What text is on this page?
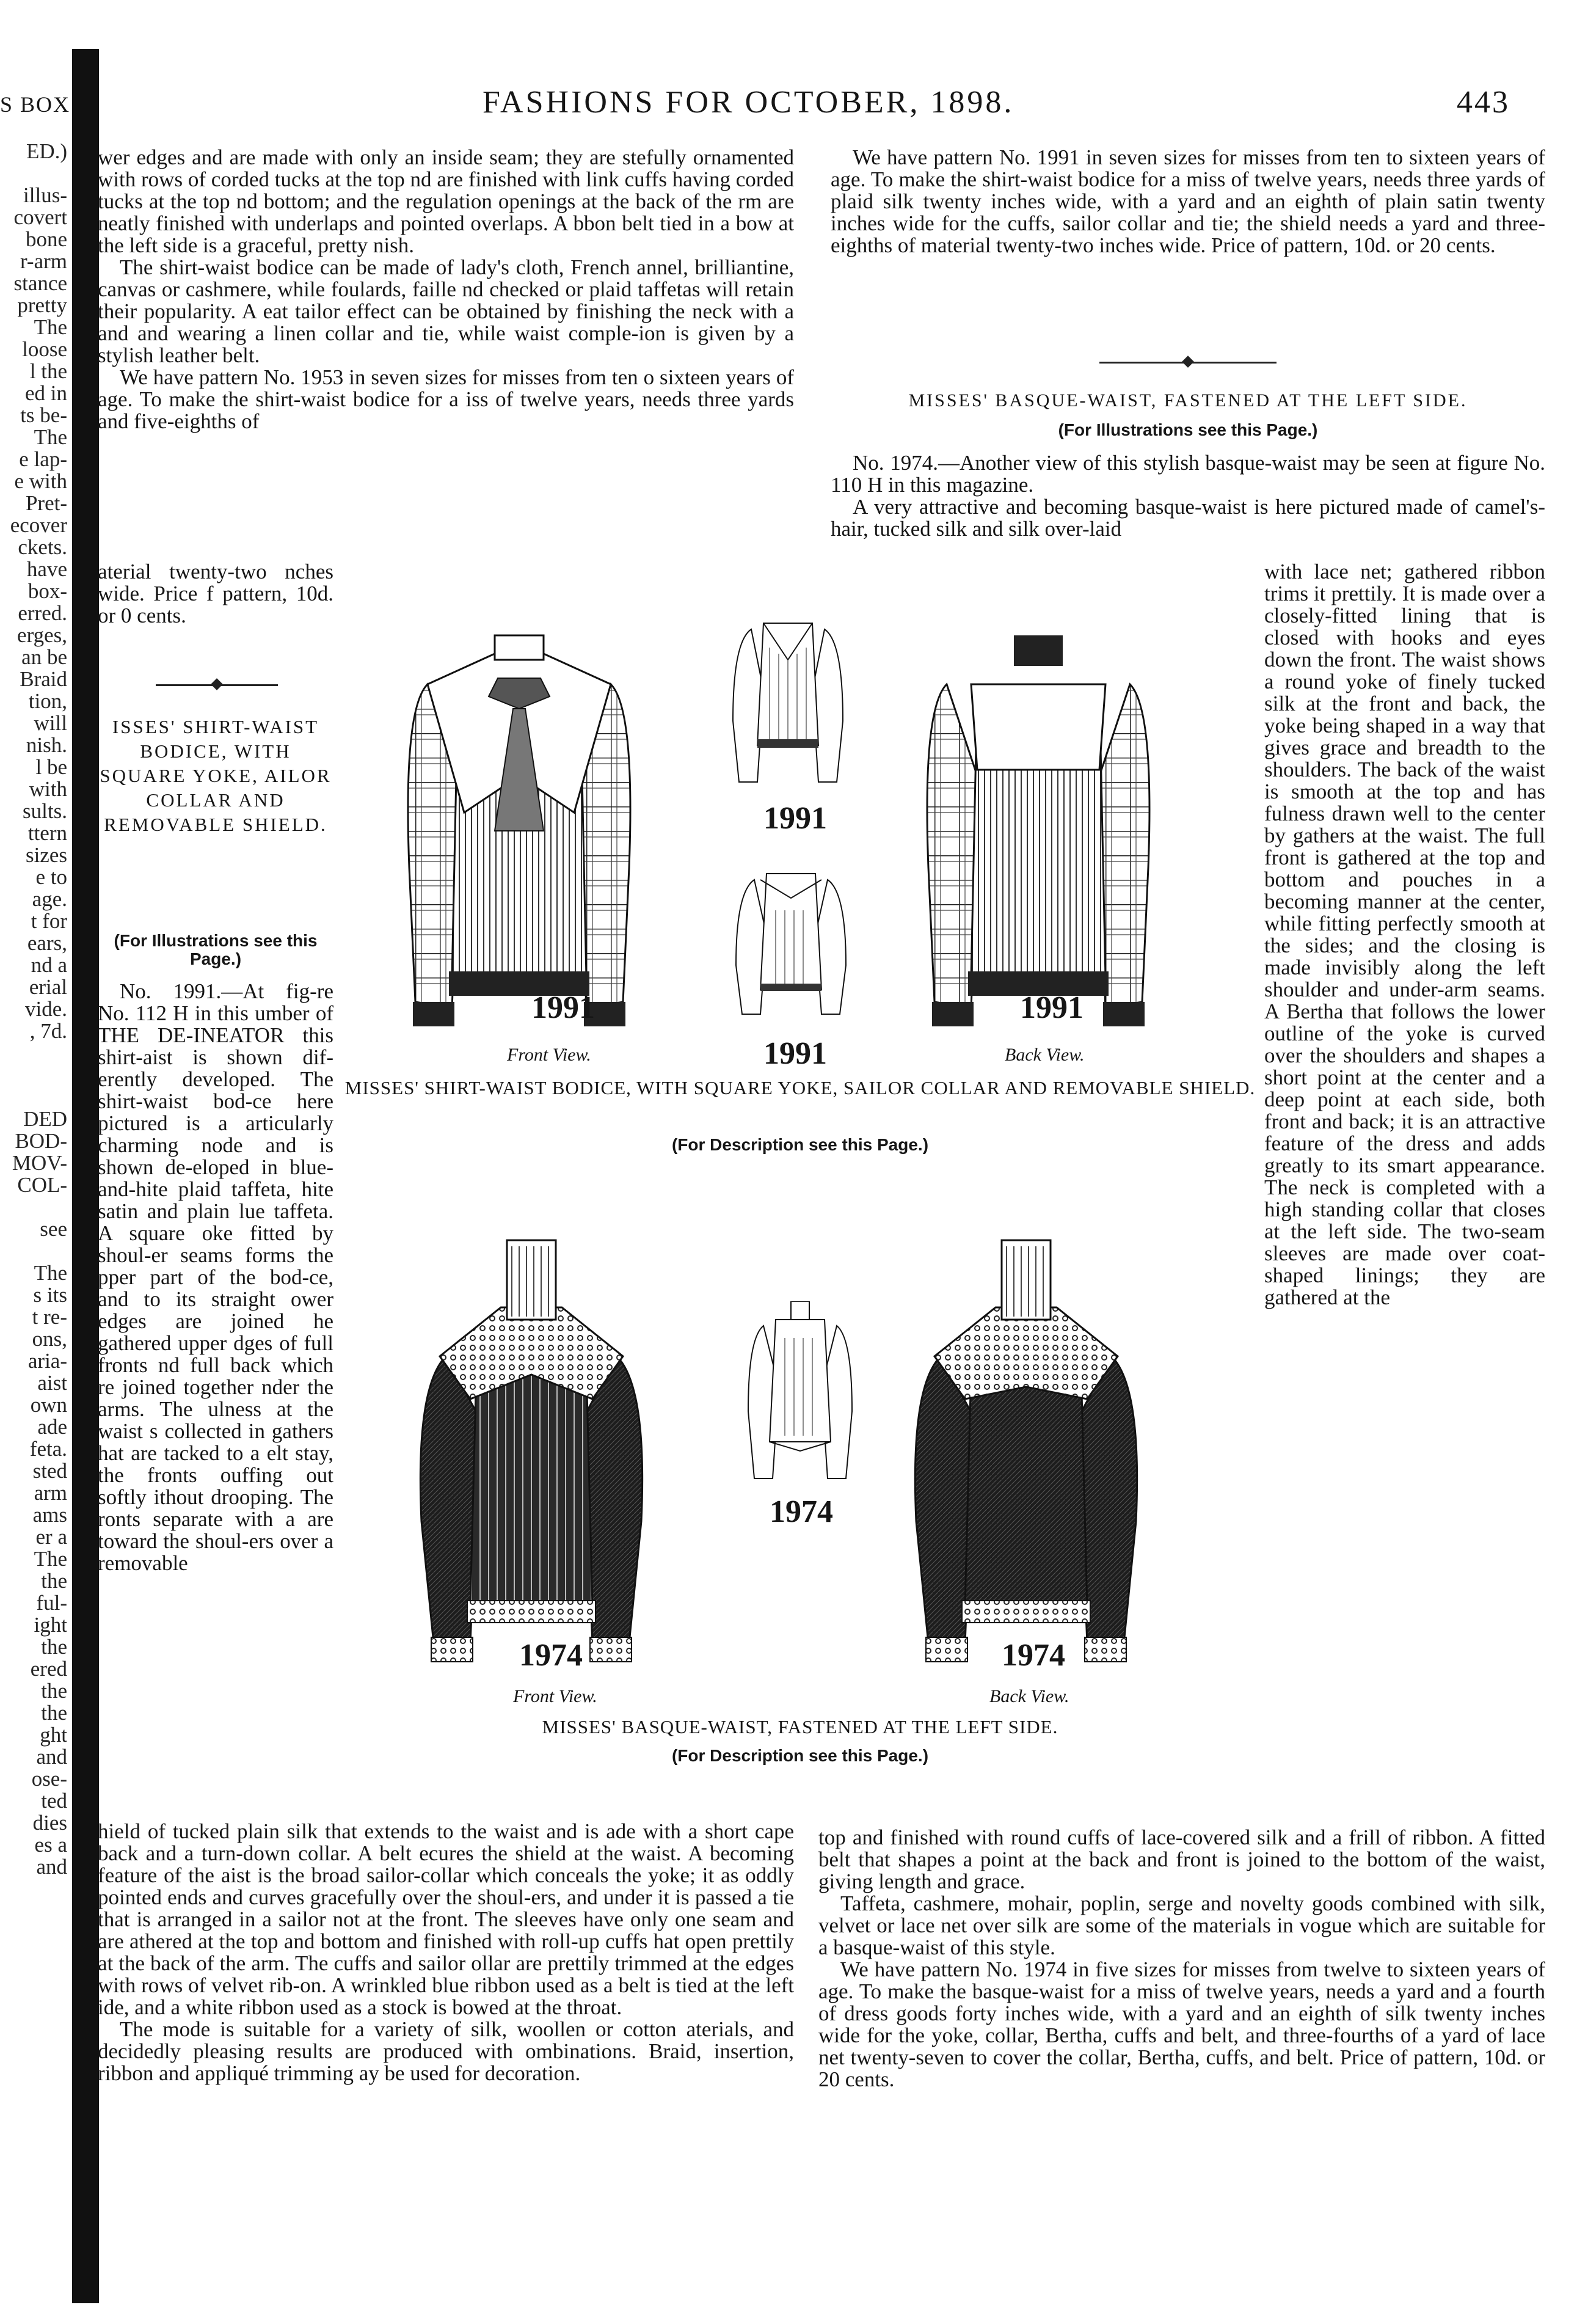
S BOX
ED.)

illus-
covert
bone
r-arm
stance
pretty
The
loose
l the
ed in
ts be-
The
e lap-
e with
Pret-
ecover
ckets.
have
box-
erred.
erges,
an be
Braid
tion,
will
nish.
l be
with
sults.
ttern
sizes
e to
age.
t for
ears,
nd a
erial
vide.
, 7d.

DED
BOD-
MOV-
COL-

see

The
s its
t re-
ons,
aria-
aist
own
ade
feta.
sted
arm
ams
er a
The
the
ful-
ight
the
ered
the
the
ght
and
ose-
ted
dies
es a
and
FASHIONS FOR OCTOBER, 1898.	443

wer edges and are made with only an inside seam; they are stefully ornamented with rows of corded tucks at the top nd are finished with link cuffs having corded tucks at the top nd bottom; and the regulation openings at the back of the rm are neatly finished with underlaps and pointed overlaps. A bbon belt tied in a bow at the left side is a graceful, pretty nish.

The shirt-waist bodice can be made of lady's cloth, French annel, brilliantine, canvas or cashmere, while foulards, faille nd checked or plaid taffetas will retain their popularity. A eat tailor effect can be obtained by finishing the neck with a and and wearing a linen collar and tie, while waist comple-ion is given by a stylish leather belt.

We have pattern No. 1953 in seven sizes for misses from ten o sixteen years of age. To make the shirt-waist bodice for a iss of twelve years, needs three yards and five-eighths of

aterial twenty-two nches wide. Price f pattern, 10d. or 0 cents.

ISSES' SHIRT-WAIST BODICE, WITH SQUARE YOKE, AILOR COLLAR AND REMOVABLE SHIELD.
(For Illustrations see this Page.)

No. 1991.—At fig-re No. 112 H in this umber of THE DE-INEATOR this shirt-aist is shown dif-erently developed. The shirt-waist bod-ce here pictured is a articularly charming node and is shown de-eloped in blue-and-hite plaid taffeta, hite satin and plain lue taffeta. A square oke fitted by shoul-er seams forms the pper part of the bod-ce, and to its straight ower edges are joined he gathered upper dges of full fronts nd full back which re joined together nder the arms. The ulness at the waist s collected in gathers hat are tacked to a elt stay, the fronts ouffing out softly ithout drooping. The ronts separate with a are toward the shoul-ers over a removable

hield of tucked plain silk that extends to the waist and is ade with a short cape back and a turn-down collar. A belt ecures the shield at the waist. A becoming feature of the aist is the broad sailor-collar which conceals the yoke; it as oddly pointed ends and curves gracefully over the shoul-ers, and under it is passed a tie that is arranged in a sailor not at the front. The sleeves have only one seam and are athered at the top and bottom and finished with roll-up cuffs hat open prettily at the back of the arm. The cuffs and sailor ollar are prettily trimmed at the edges with rows of velvet rib-on. A wrinkled blue ribbon used as a belt is tied at the left ide, and a white ribbon used as a stock is bowed at the throat.

The mode is suitable for a variety of silk, woollen or cotton aterials, and decidedly pleasing results are produced with ombinations. Braid, insertion, ribbon and appliqué trimming ay be used for decoration.

We have pattern No. 1991 in seven sizes for misses from ten to sixteen years of age. To make the shirt-waist bodice for a miss of twelve years, needs three yards of plaid silk twenty inches wide, with a yard and an eighth of plain satin twenty inches wide for the cuffs, sailor collar and tie; the shield needs a yard and three-eighths of material twenty-two inches wide. Price of pattern, 10d. or 20 cents.

MISSES' BASQUE-WAIST, FASTENED AT THE LEFT SIDE.
(For Illustrations see this Page.)

No. 1974.—Another view of this stylish basque-waist may be seen at figure No. 110 H in this magazine.

A very attractive and becoming basque-waist is here pictured made of camel's-hair, tucked silk and silk over-laid

with lace net; gathered ribbon trims it prettily. It is made over a closely-fitted lining that is closed with hooks and eyes down the front. The waist shows a round yoke of finely tucked silk at the front and back, the yoke being shaped in a way that gives grace and breadth to the shoulders. The back of the waist is smooth at the top and has fulness drawn well to the center by gathers at the waist. The full front is gathered at the top and bottom and pouches in a becoming manner at the center, while fitting perfectly smooth at the sides; and the closing is made invisibly along the left shoulder and under-arm seams. A Bertha that follows the lower outline of the yoke is curved over the shoulders and shapes a short point at the center and a deep point at each side, both front and back; it is an attractive feature of the dress and adds greatly to its smart appearance. The neck is completed with a high standing collar that closes at the left side. The two-seam sleeves are made over coat-shaped linings; they are gathered at the

top and finished with round cuffs of lace-covered silk and a frill of ribbon. A fitted belt that shapes a point at the back and front is joined to the bottom of the waist, giving length and grace.

Taffeta, cashmere, mohair, poplin, serge and novelty goods combined with silk, velvet or lace net over silk are some of the materials in vogue which are suitable for a basque-waist of this style.

We have pattern No. 1974 in five sizes for misses from twelve to sixteen years of age. To make the basque-waist for a miss of twelve years, needs a yard and a fourth of dress goods forty inches wide, with a yard and an eighth of silk twenty inches wide for the yoke, collar, Bertha, cuffs and belt, and three-fourths of a yard of lace net twenty-seven to cover the collar, Bertha, cuffs, and belt. Price of pattern, 10d. or 20 cents.

1991
1991	1991
Front View.	1991	Back View.
MISSES' SHIRT-WAIST BODICE, WITH SQUARE YOKE, SAILOR COLLAR AND REMOVABLE SHIELD.
(For Description see this Page.)
1974
1974	1974
Front View.	Back View.
MISSES' BASQUE-WAIST, FASTENED AT THE LEFT SIDE.
(For Description see this Page.)
